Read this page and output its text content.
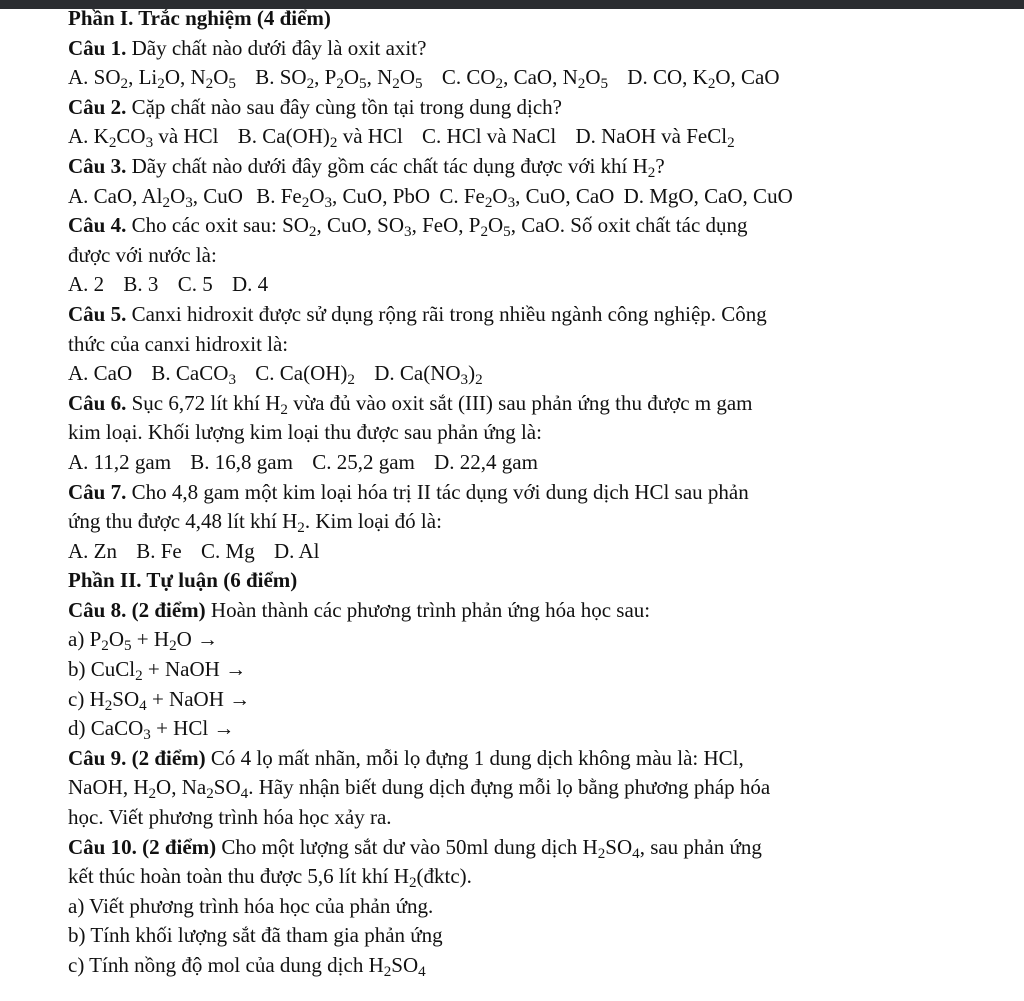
Phần I. Trắc nghiệm (4 điểm)
Câu 1. Dãy chất nào dưới đây là oxit axit?
A. $SO_2$, $Li_2O$, $N_2O_5$ B. $SO_2$, $P_2O_5$, $N_2O_5$ C. $CO_2$, CaO, $N_2O_5$ D. CO, $K_2O$, CaO
Câu 2. Cặp chất nào sau đây cùng tồn tại trong dung dịch?
A. $K_2CO_3$ và HCl B. $Ca(OH)_2$ và HCl C. HCl và NaCl D. NaOH và FeCl$_2$
Câu 3. Dãy chất nào dưới đây gồm các chất tác dụng được với khí $H_2$?
A. CaO, $Al_2O_3$, CuO B. $Fe_2O_3$, CuO, PbO C. $Fe_2O_3$, CuO, CaO D. MgO, CaO, CuO
Câu 4. Cho các oxit sau: $SO_2$, CuO, $SO_3$, FeO, $P_2O_5$, CaO. Số oxit chất tác dụng
được với nước là:
A. 2 B. 3 C. 5 D. 4
Câu 5. Canxi hidroxit được sử dụng rộng rãi trong nhiều ngành công nghiệp. Công
thức của canxi hidroxit là:
A. CaO B. CaCO$_3$ C. $Ca(OH)_2$ D. $Ca(NO_3)_2$
Câu 6. Sục 6,72 lít khí $H_2$ vừa đủ vào oxit sắt (III) sau phản ứng thu được m gam
kim loại. Khối lượng kim loại thu được sau phản ứng là:
A. 11,2 gam B. 16,8 gam C. 25,2 gam D. 22,4 gam
Câu 7. Cho 4,8 gam một kim loại hóa trị II tác dụng với dung dịch HCl sau phản
ứng thu được 4,48 lít khí $H_2$. Kim loại đó là:
A. Zn B. Fe C. Mg D. Al
Phần II. Tự luận (6 điểm)
Câu 8. (2 điểm) Hoàn thành các phương trình phản ứng hóa học sau:
a) $P_2O_5 + H_2O$ →
b) CuCl$_2$ + NaOH →
c) $H_2SO_4$ + NaOH →
d) CaCO$_3$ + HCl →
Câu 9. (2 điểm) Có 4 lọ mất nhãn, mỗi lọ đựng 1 dung dịch không màu là: HCl,
NaOH, $H_2O$, $Na_2SO_4$. Hãy nhận biết dung dịch đựng mỗi lọ bằng phương pháp hóa
học. Viết phương trình hóa học xảy ra.
Câu 10. (2 điểm) Cho một lượng sắt dư vào 50ml dung dịch $H_2SO_4$, sau phản ứng
kết thúc hoàn toàn thu được 5,6 lít khí $H_2(đktc)$.
a) Viết phương trình hóa học của phản ứng.
b) Tính khối lượng sắt đã tham gia phản ứng
c) Tính nồng độ mol của dung dịch $H_2SO_4$
